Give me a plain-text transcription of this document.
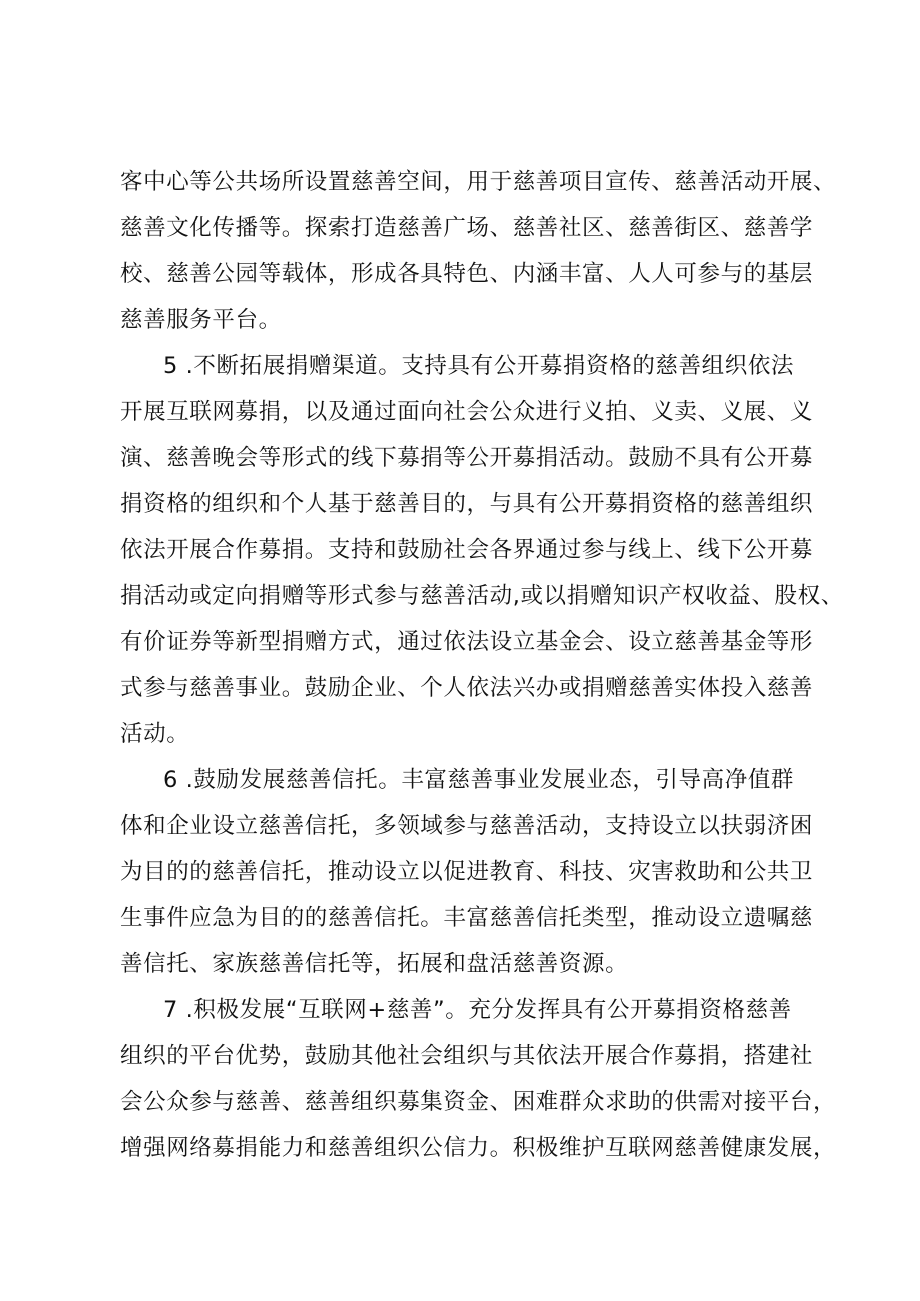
客中心等公共场所设置慈善空间，用于慈善项目宣传、慈善活动开展、
慈善文化传播等。探索打造慈善广场、慈善社区、慈善街区、慈善学
校、慈善公园等载体，形成各具特色、内涵丰富、人人可参与的基层
慈善服务平台。
5 .不断拓展捐赠渠道。支持具有公开募捐资格的慈善组织依法
开展互联网募捐，以及通过面向社会公众进行义拍、义卖、义展、义
演、慈善晚会等形式的线下募捐等公开募捐活动。鼓励不具有公开募
捐资格的组织和个人基于慈善目的，与具有公开募捐资格的慈善组织
依法开展合作募捐。支持和鼓励社会各界通过参与线上、线下公开募
捐活动或定向捐赠等形式参与慈善活动,或以捐赠知识产权收益、股权、
有价证券等新型捐赠方式，通过依法设立基金会、设立慈善基金等形
式参与慈善事业。鼓励企业、个人依法兴办或捐赠慈善实体投入慈善
活动。
6 .鼓励发展慈善信托。丰富慈善事业发展业态，引导高净值群
体和企业设立慈善信托，多领域参与慈善活动，支持设立以扶弱济困
为目的的慈善信托，推动设立以促进教育、科技、灾害救助和公共卫
生事件应急为目的的慈善信托。丰富慈善信托类型，推动设立遗嘱慈
善信托、家族慈善信托等，拓展和盘活慈善资源。
7 .积极发展“互联网+慈善”。充分发挥具有公开募捐资格慈善
组织的平台优势，鼓励其他社会组织与其依法开展合作募捐，搭建社
会公众参与慈善、慈善组织募集资金、困难群众求助的供需对接平台，
增强网络募捐能力和慈善组织公信力。积极维护互联网慈善健康发展，
